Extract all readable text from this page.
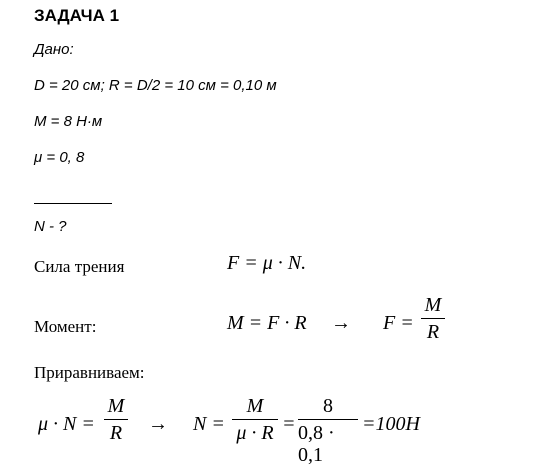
ЗАДАЧА 1
Дано:
D = 20 см; R = D/2 = 10 см = 0,10 м
М = 8 Н·м
μ = 0, 8
N - ?
Сила трения	F = μ · N.
Момент:	M = F · R → F =
M
R
Приравниваем:
μ · N =
M
R → N =
M
μ · R =
8
0,8 · 0,1
=100H
